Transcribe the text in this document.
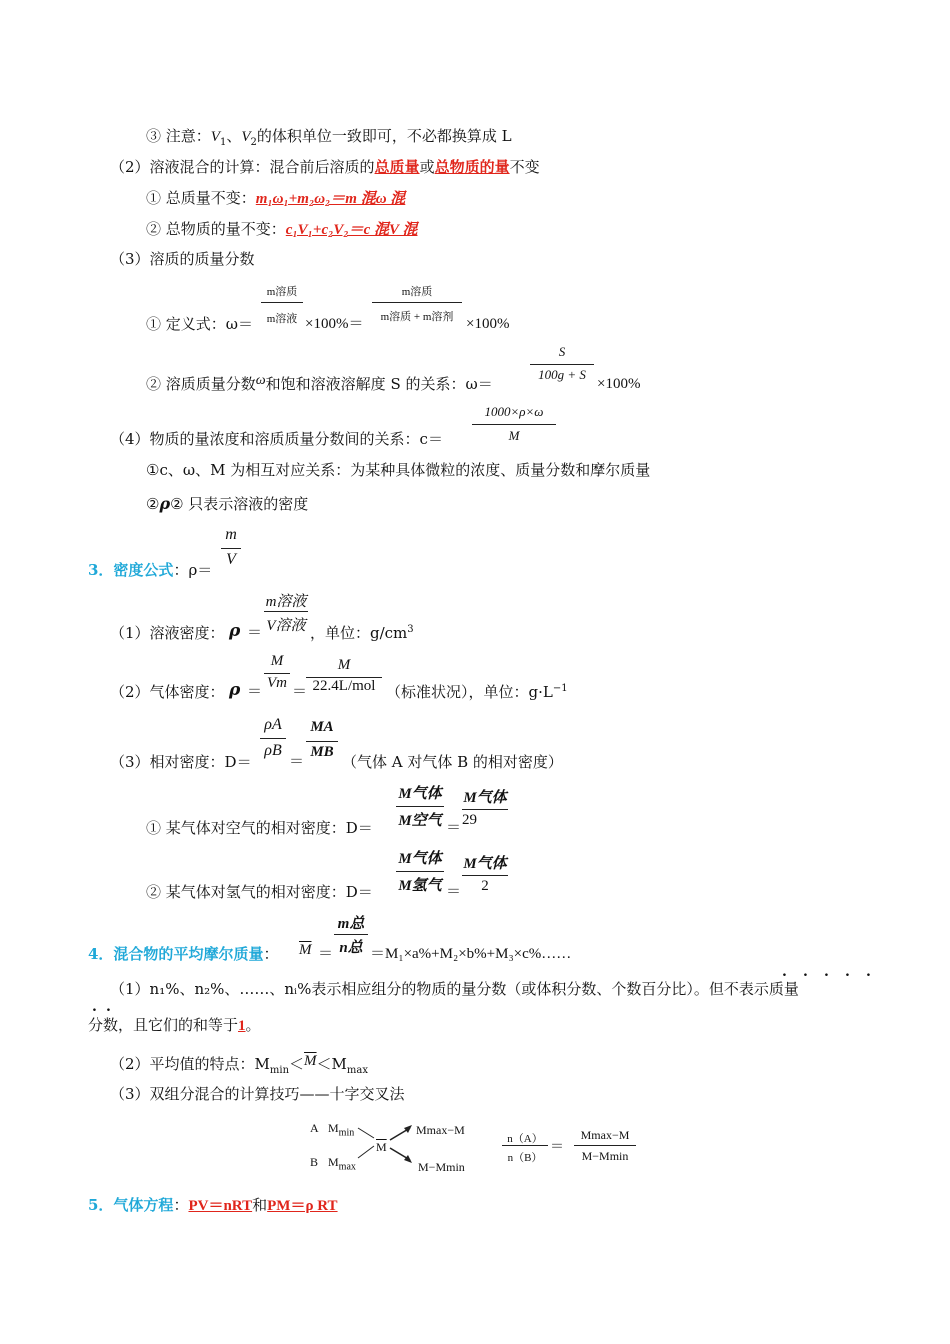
③ 注意：$V_1$、$V_2$的体积单位一致即可，不必都换算成 L
（2）溶液混合的计算：混合前后溶质的总质量或总物质的量不变
① 总质量不变：m₁ω₁+m₂ω₂＝m 混ω 混
② 总物质的量不变：c₁V₁+c₂V₂＝c 混V 混
（3）溶质的质量分数
① 定义式：ω＝
m溶质
m溶液 ×100%＝
m溶质
m溶质 + m溶剂 ×100%
② 溶质质量分数$^\omega$和饱和溶液溶解度 S 的关系：ω＝
S
100g + S
×100%
（4）物质的量浓度和溶质质量分数间的关系：c＝
1000×ρ×ω
M
①c、ω、M 为相互对应关系：为某种具体微粒的浓度、质量分数和摩尔质量
②ρ② 只表示溶液的密度
3．密度公式：ρ＝
m
V
（1）溶液密度： ρ ＝
m溶液
V溶液 ，单位：$g/cm^3$
（2）气体密度： ρ ＝
M
Vm
＝
M
22.4L/mol （标准状况），单位：$g\cdot L^{-1}$
（3）相对密度：D＝
ρA
ρB
＝
MA
MB
（气体 A 对气体 B 的相对密度）
① 某气体对空气的相对密度：D＝
M气体
M空气 ＝
M气体
29
② 某气体对氢气的相对密度：D＝
M气体
M氢气 ＝
M气体
2
4．混合物的平均摩尔质量： $\overline{M}$ ＝
m总
n总 ＝M₁×a%+M₂×b%+M₃×c%……
. . . . .
. .
（1）n₁%、n₂%、……、nᵢ%表示相应组分的物质的量分数（或体积分数、个数百分比）。但不表示质量
分数，且它们的和等于1。
（2）平均值的特点：$M_{min}<\overline{M}<M_{max}$
（3）双组分混合的计算技巧——十字交叉法
A $M_{min}$
B $M_{max}$
$\overline{M}$
Mmax−M
M−Mmin
n（A）
n（B）
＝
Mmax−M
M−Mmin
5．气体方程：PV＝nRT和PM＝ρ RT
